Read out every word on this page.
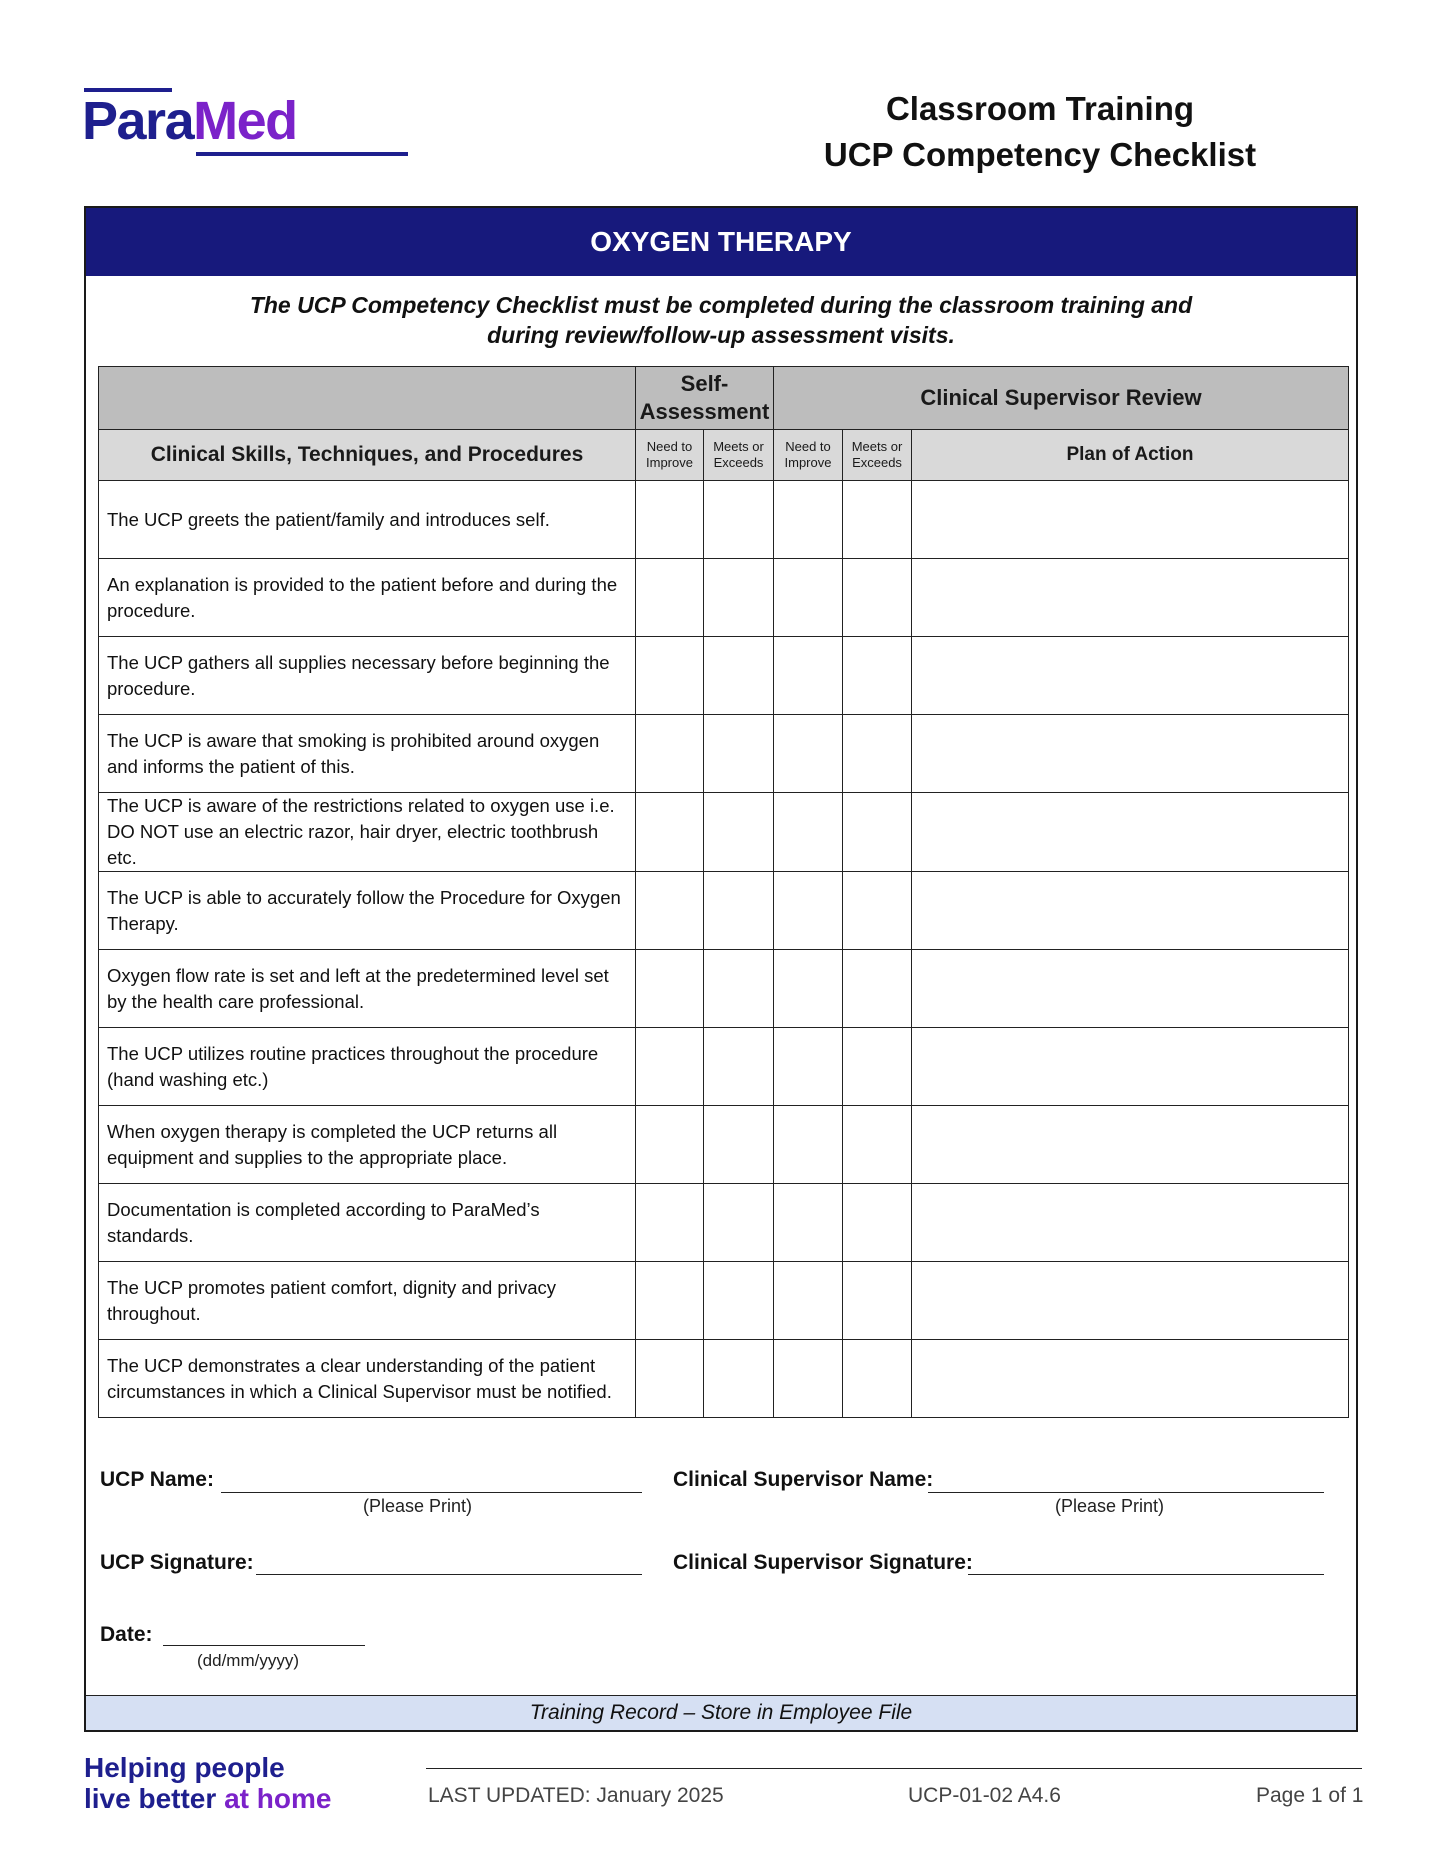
ParaMed	Classroom Training
UCP Competency Checklist
OXYGEN THERAPY
The UCP Competency Checklist must be completed during the classroom training and
during review/follow-up assessment visits.
	Self-Assessment		Clinical Supervisor Review		
Clinical Skills, Techniques, and Procedures	Need to Improve	Meets or Exceeds	Need to Improve	Meets or Exceeds	Plan of Action
The UCP greets the patient/family and introduces self.					
An explanation is provided to the patient before and during the procedure.					
The UCP gathers all supplies necessary before beginning the procedure.					
The UCP is aware that smoking is prohibited around oxygen and informs the patient of this.					
The UCP is aware of the restrictions related to oxygen use i.e. DO NOT use an electric razor, hair dryer, electric toothbrush etc.					
The UCP is able to accurately follow the Procedure for Oxygen Therapy.					
Oxygen flow rate is set and left at the predetermined level set by the health care professional.					
The UCP utilizes routine practices throughout the procedure (hand washing etc.)					
When oxygen therapy is completed the UCP returns all equipment and supplies to the appropriate place.					
Documentation is completed according to ParaMed’s standards.					
The UCP promotes patient comfort, dignity and privacy throughout.					
The UCP demonstrates a clear understanding of the patient circumstances in which a Clinical Supervisor must be notified.					
UCP Name:
(Please Print)
Clinical Supervisor Name:
(Please Print)
UCP Signature:	Clinical Supervisor Signature:
Date:
(dd/mm/yyyy)
Training Record – Store in Employee File
Helping people
live better at home	LAST UPDATED: January 2025	UCP-01-02 A4.6	Page 1 of 1
